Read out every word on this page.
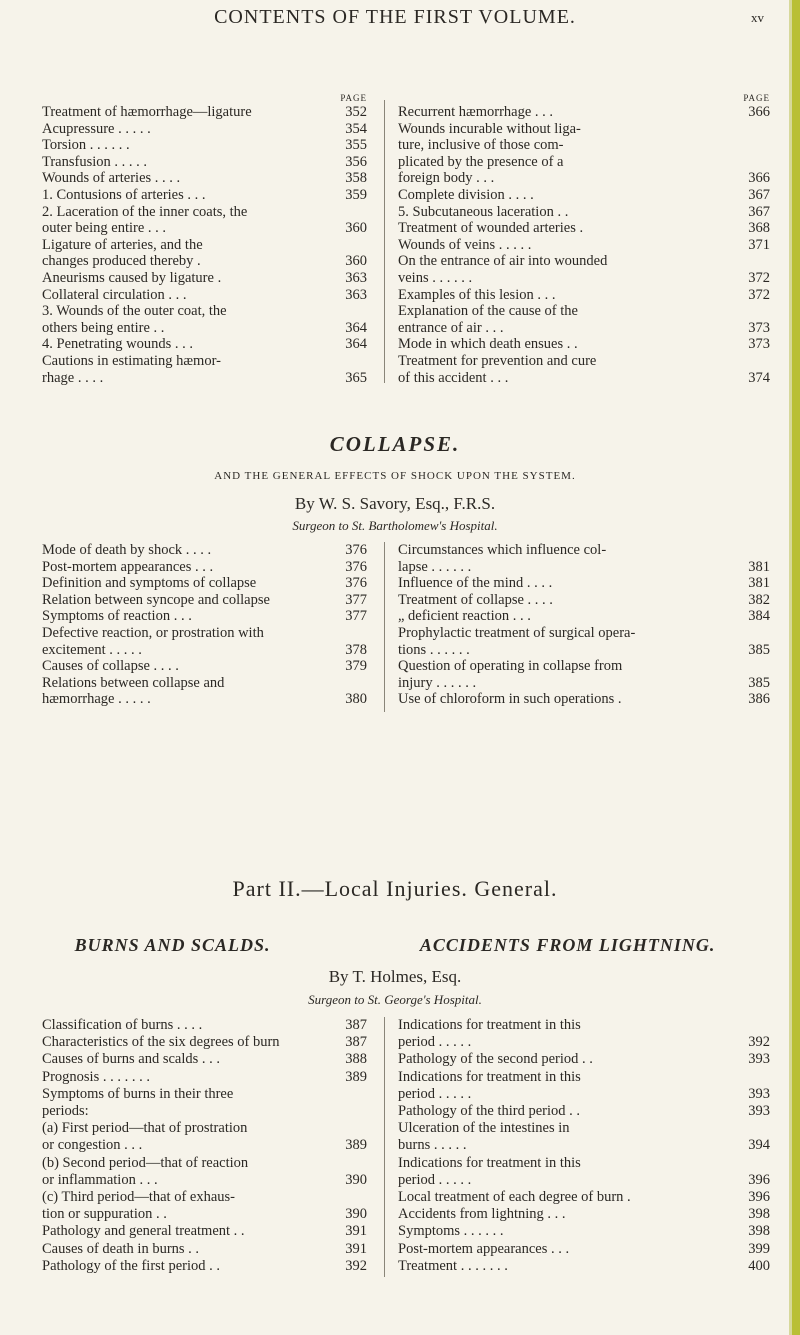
CONTENTS OF THE FIRST VOLUME.	xv
PAGE
Treatment of hæmorrhage—ligature	352
Acupressure . . . . .	354
Torsion . . . . . .	355
Transfusion . . . . .	356
Wounds of arteries . . . .	358
1. Contusions of arteries . . .	359
2. Laceration of the inner coats, the
outer being entire . . .	360
Ligature of arteries, and the
changes produced thereby .	360
Aneurisms caused by ligature .	363
Collateral circulation . . .	363
3. Wounds of the outer coat, the
others being entire . .	364
4. Penetrating wounds . . .	364
Cautions in estimating hæmor-
rhage . . . .	365
PAGE
Recurrent hæmorrhage . . .	366
Wounds incurable without liga-
ture, inclusive of those com-
plicated by the presence of a
foreign body . . .	366
Complete division . . . .	367
5. Subcutaneous laceration . .	367
Treatment of wounded arteries .	368
Wounds of veins . . . . .	371
On the entrance of air into wounded
veins . . . . . .	372
Examples of this lesion . . .	372
Explanation of the cause of the
entrance of air . . .	373
Mode in which death ensues . .	373
Treatment for prevention and cure
of this accident . . .	374
COLLAPSE.
AND THE GENERAL EFFECTS OF SHOCK UPON THE SYSTEM.
By W. S. Savory, Esq., F.R.S.
Surgeon to St. Bartholomew's Hospital.
Mode of death by shock . . . .	376
Post-mortem appearances . . .	376
Definition and symptoms of collapse	376
Relation between syncope and collapse	377
Symptoms of reaction . . .	377
Defective reaction, or prostration with
excitement . . . . .	378
Causes of collapse . . . .	379
Relations between collapse and
hæmorrhage . . . . .	380
Circumstances which influence col-
lapse . . . . . .	381
Influence of the mind . . . .	381
Treatment of collapse . . . .	382
„ deficient reaction . . .	384
Prophylactic treatment of surgical opera-
tions . . . . . .	385
Question of operating in collapse from
injury . . . . . .	385
Use of chloroform in such operations .	386
Part II.—Local Injuries. General.
BURNS AND SCALDS.	ACCIDENTS FROM LIGHTNING.
By T. Holmes, Esq.
Surgeon to St. George's Hospital.
Classification of burns . . . .	387
Characteristics of the six degrees of burn	387
Causes of burns and scalds . . .	388
Prognosis . . . . . . .	389
Symptoms of burns in their three
periods:
(a) First period—that of prostration
or congestion . . .	389
(b) Second period—that of reaction
or inflammation . . .	390
(c) Third period—that of exhaus-
tion or suppuration . .	390
Pathology and general treatment . .	391
Causes of death in burns . .	391
Pathology of the first period . .	392
Indications for treatment in this
period . . . . .	392
Pathology of the second period . .	393
Indications for treatment in this
period . . . . .	393
Pathology of the third period . .	393
Ulceration of the intestines in
burns . . . . .	394
Indications for treatment in this
period . . . . .	396
Local treatment of each degree of burn .	396
Accidents from lightning . . .	398
Symptoms . . . . . .	398
Post-mortem appearances . . .	399
Treatment . . . . . . .	400
